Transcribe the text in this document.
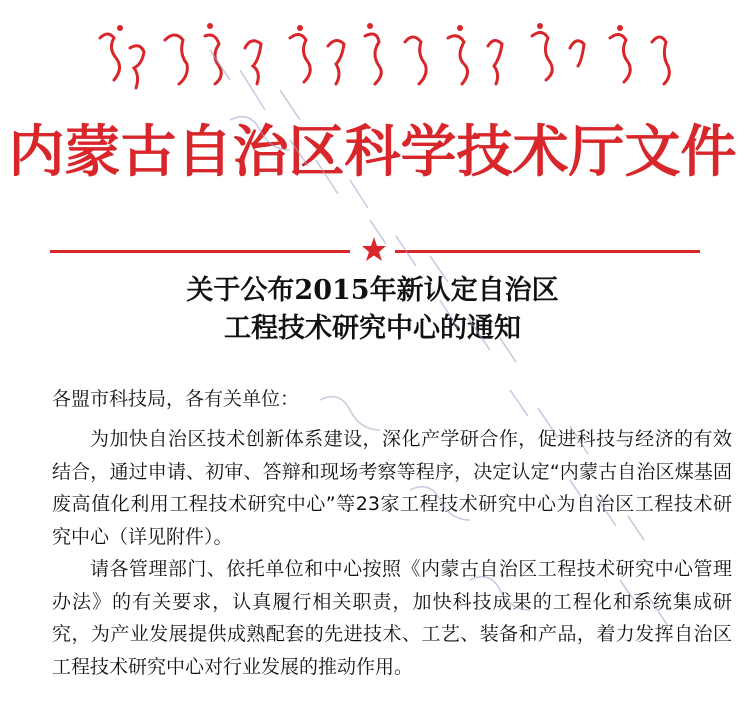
内蒙古自治区科学技术厅文件
关于公布2015年新认定自治区
工程技术研究中心的通知
各盟市科技局，各有关单位：

为加快自治区技术创新体系建设，深化产学研合作，促进科技与经济的有效结合，通过申请、初审、答辩和现场考察等程序，决定认定“内蒙古自治区煤基固废高值化利用工程技术研究中心”等23家工程技术研究中心为自治区工程技术研究中心（详见附件）。

请各管理部门、依托单位和中心按照《内蒙古自治区工程技术研究中心管理办法》的有关要求，认真履行相关职责，加快科技成果的工程化和系统集成研究，为产业发展提供成熟配套的先进技术、工艺、装备和产品，着力发挥自治区工程技术研究中心对行业发展的推动作用。
